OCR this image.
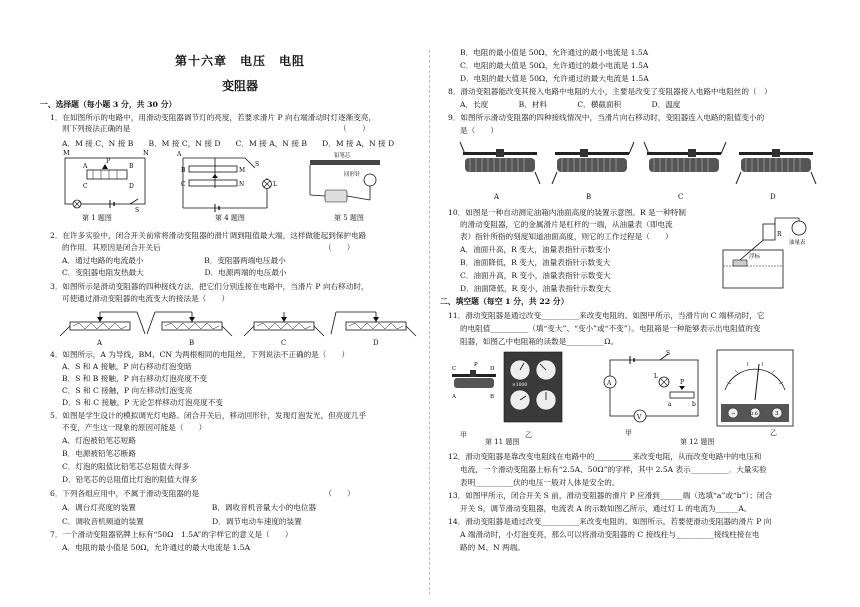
第十六章　电压　电阻
变阻器
一、选择题（每小题 3 分，共 30 分）
1．在如图所示的电路中，用滑动变阻器调节灯的亮度，若要求滑片 P 向右端滑动时灯逐渐变亮，
则下列接法正确的是　　　　　　　　　　　　　　　　　　　　　　　　　　　　（　　）
A．M 接 C，N 接 B　　B．M 接 C，N 接 D　　C．M 接 A，N 接 B　　D．M 接 A，N 接 D
M	N
A	B
C	D
P
S
第 1 题图
A
B
C
M
N
S
L
第 4 题图
铅笔芯
回形针
第 5 题图
2．在许多实验中，闭合开关前常将滑动变阻器的滑片调到阻值最大端，这样做能起到保护电路
的作用．其原因是闭合开关后　　　　　　　　　　　　　　　　　　　　　　（　　）
A．通过电路的电流最小　　　　　　　　B．变阻器两端电压最小
C．变阻器电阻发热最大　　　　　　　　D．电源两端的电压最小
3．如图所示是滑动变阻器的四种接线方法．把它们分别连接在电路中，当滑片 P 向右移动时，
可使通过滑动变阻器的电流变大的接法是（　　）
A	B	C	D
4．如图所示，A 为导线，BM、CN 为两根相同的电阻丝，下列说法不正确的是（　　）
A．S 和 A 接触，P 向右移动灯泡变暗
B．S 和 B 接触，P 向右移动灯泡亮度不变
C．S 和 C 接触，P 向左移动灯泡变亮
D．S 和 C 接触，P 无论怎样移动灯泡亮度不变
5．如图是学生设计的模拟调光灯电路。闭合开关后，移动回形针，发现灯泡发光，但亮度几乎
不变，产生这一现象的原因可能是（　　）
A．灯泡被铅笔芯短路
B．电源被铅笔芯断路
C．灯泡的阻值比铅笔芯总阻值大得多
D．铅笔芯的总阻值比灯泡的阻值大得多
6．下列各组应用中，不属于滑动变阻器的是　　　　　　　　　　　　　　　　　（　　）
A．调台灯亮度的装置　　　　　　　　　　B．调收音机音量大小的电位器
C．调收音机频道的装置　　　　　　　　　D．调节电动车速度的装置
7．一个滑动变阻器铭牌上标有“50Ω　1.5A”的字样它的意义是（　　）
A．电阻的最小值是 50Ω，允许通过的最大电流是 1.5A
B．电阻的最小值是 50Ω，允许通过的最小电流是 1.5A
C．电阻的最大值是 50Ω，允许通过的最小电流是 1.5A
D．电阻的最大值是 50Ω，允许通过的最大电流是 1.5A
8．滑动变阻器能改变其接入电路中电阻的大小，主要是改变了变阻器接入电路中电阻丝的（　）
A．长度　　　　B．材料　　　　C．横截面积　　　　D．温度
9．如图所示滑动变阻器的四种接线情况中，当滑片向右移动时，变阻器连入电路的阻值变小的
是（　　）
A	B	C	D
10．如图是一种自动测定油箱内油面高度的装置示意图。R 是一种特制
的滑动变阻器，它的金属滑片是杠杆的一端，从油量表（即电流
表）指针所指的刻度知道油面高度，则它的工作过程是（　　）
A．油面升高，R 变大，油量表指针示数变小
B．油面降低，R 变大，油量表指针示数变大
C．油面升高，R 变小，油量表指针示数变大
D．油面降低，R 变小，油量表指针示数变大
R
油量表
浮标
二、填空题（每空 1 分，共 22 分）
11．滑动变阻器是通过改变__________来改变电阻的。如图甲所示，当滑片向 C 端移动时，它
的电阻值__________（填“变大”、“变小”或“不变”）。电阻箱是一种能够表示出电阻值的变
阻器，如图乙中电阻箱的读数是__________Ω。
C	D
A	B
P
×1000
甲	乙
第 11 题图
A
V
S
L
P
a	b
甲
−	0.6	3
乙
第 12 题图
12．滑动变阻器是靠改变电阻线在电路中的__________来改变电阻，从而改变电路中的电压和
电流，一个滑动变阻器上标有“2.5A、50Ω”的字样，其中 2.5A 表示__________．大量实验
表明__________伏的电压一般对人体是安全的。
13．如图甲所示，闭合开关 S 前，滑动变阻器的滑片 P 应滑到______端（选填“a”或“b”）；闭合
开关 S，调节滑动变阻器，电流表 A 的示数如图乙所示，通过灯 L 的电流为______A。
14．滑动变阻器是通过改变__________来改变电阻的。如图所示，若要使滑动变阻器的滑片 P 向
A 端滑动时，小灯泡变亮，那么可以将滑动变阻器的 C 接线柱与__________接线柱接在电
路的 M、N 两端。
